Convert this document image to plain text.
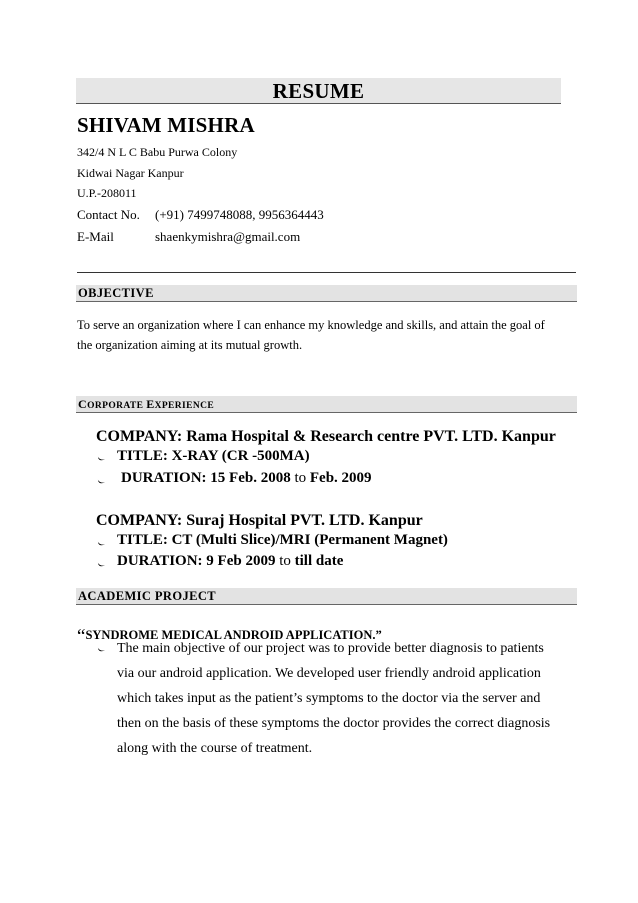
RESUME
SHIVAM MISHRA
342/4 N L C Babu Purwa Colony
Kidwai Nagar Kanpur
U.P.-208011
Contact No. (+91) 7499748088, 9956364443
E-Mail	shaenkymishra@gmail.com
OBJECTIVE
To serve an organization where I can enhance my knowledge and skills, and attain the goal of the organization aiming at its mutual growth.
CORPORATE EXPERIENCE
COMPANY: Rama Hospital & Research centre PVT. LTD. Kanpur
TITLE: X-RAY (CR -500MA)
DURATION: 15 Feb. 2008 to Feb. 2009
COMPANY: Suraj Hospital PVT. LTD. Kanpur
TITLE: CT (Multi Slice)/MRI (Permanent Magnet)
DURATION: 9 Feb 2009 to till date
ACADEMIC PROJECT
“SYNDROME MEDICAL ANDROID APPLICATION.”
The main objective of our project was to provide better diagnosis to patients via our android application. We developed user friendly android application which takes input as the patient’s symptoms to the doctor via the server and then on the basis of these symptoms the doctor provides the correct diagnosis along with the course of treatment.
